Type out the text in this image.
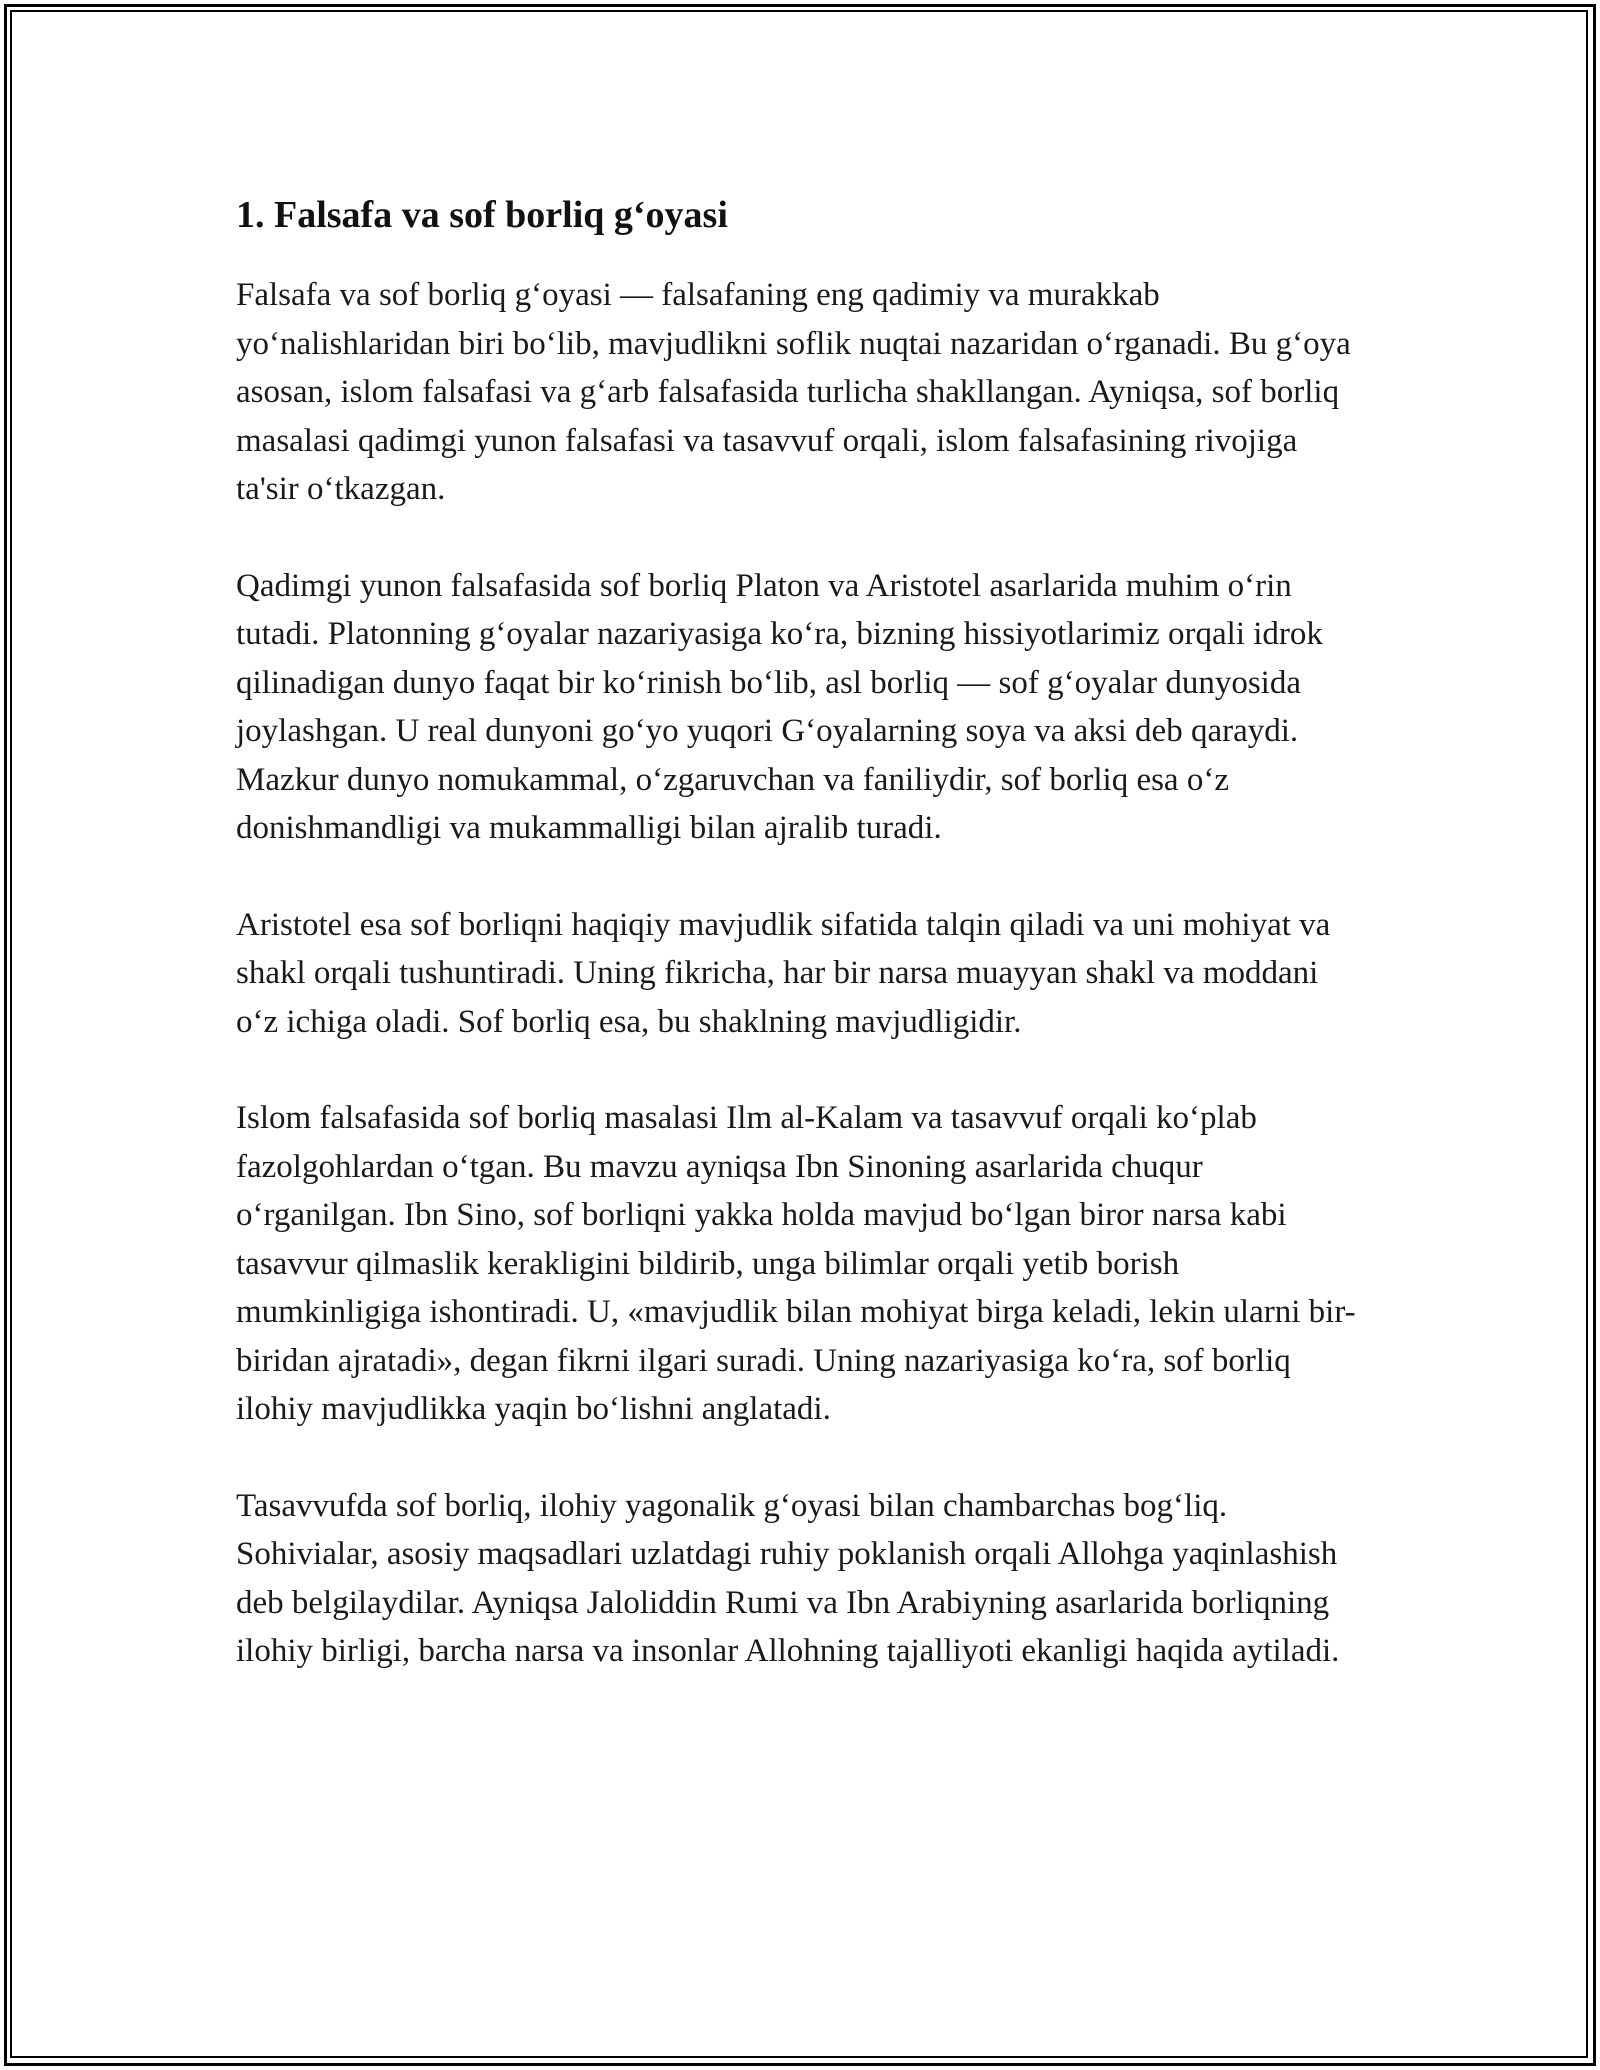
1. Falsafa va sof borliq g‘oyasi

Falsafa va sof borliq g‘oyasi — falsafaning eng qadimiy va murakkab yo‘nalishlaridan biri bo‘lib, mavjudlikni soflik nuqtai nazaridan o‘rganadi. Bu g‘oya asosan, islom falsafasi va g‘arb falsafasida turlicha shakllangan. Ayniqsa, sof borliq masalasi qadimgi yunon falsafasi va tasavvuf orqali, islom falsafasining rivojiga ta'sir o‘tkazgan.

Qadimgi yunon falsafasida sof borliq Platon va Aristotel asarlarida muhim o‘rin tutadi. Platonning g‘oyalar nazariyasiga ko‘ra, bizning hissiyotlarimiz orqali idrok qilinadigan dunyo faqat bir ko‘rinish bo‘lib, asl borliq — sof g‘oyalar dunyosida joylashgan. U real dunyoni go‘yo yuqori G‘oyalarning soya va aksi deb qaraydi. Mazkur dunyo nomukammal, o‘zgaruvchan va faniliydir, sof borliq esa o‘z donishmandligi va mukammalligi bilan ajralib turadi.

Aristotel esa sof borliqni haqiqiy mavjudlik sifatida talqin qiladi va uni mohiyat va shakl orqali tushuntiradi. Uning fikricha, har bir narsa muayyan shakl va moddani o‘z ichiga oladi. Sof borliq esa, bu shaklning mavjudligidir.

Islom falsafasida sof borliq masalasi Ilm al-Kalam va tasavvuf orqali ko‘plab fazolgohlardan o‘tgan. Bu mavzu ayniqsa Ibn Sinoning asarlarida chuqur o‘rganilgan. Ibn Sino, sof borliqni yakka holda mavjud bo‘lgan biror narsa kabi tasavvur qilmaslik kerakligini bildirib, unga bilimlar orqali yetib borish mumkinligiga ishontiradi. U, «mavjudlik bilan mohiyat birga keladi, lekin ularni bir-biridan ajratadi», degan fikrni ilgari suradi. Uning nazariyasiga ko‘ra, sof borliq ilohiy mavjudlikka yaqin bo‘lishni anglatadi.

Tasavvufda sof borliq, ilohiy yagonalik g‘oyasi bilan chambarchas bog‘liq. Sohivialar, asosiy maqsadlari uzlatdagi ruhiy poklanish orqali Allohga yaqinlashish deb belgilaydilar. Ayniqsa Jaloliddin Rumi va Ibn Arabiyning asarlarida borliqning ilohiy birligi, barcha narsa va insonlar Allohning tajalliyoti ekanligi haqida aytiladi.
